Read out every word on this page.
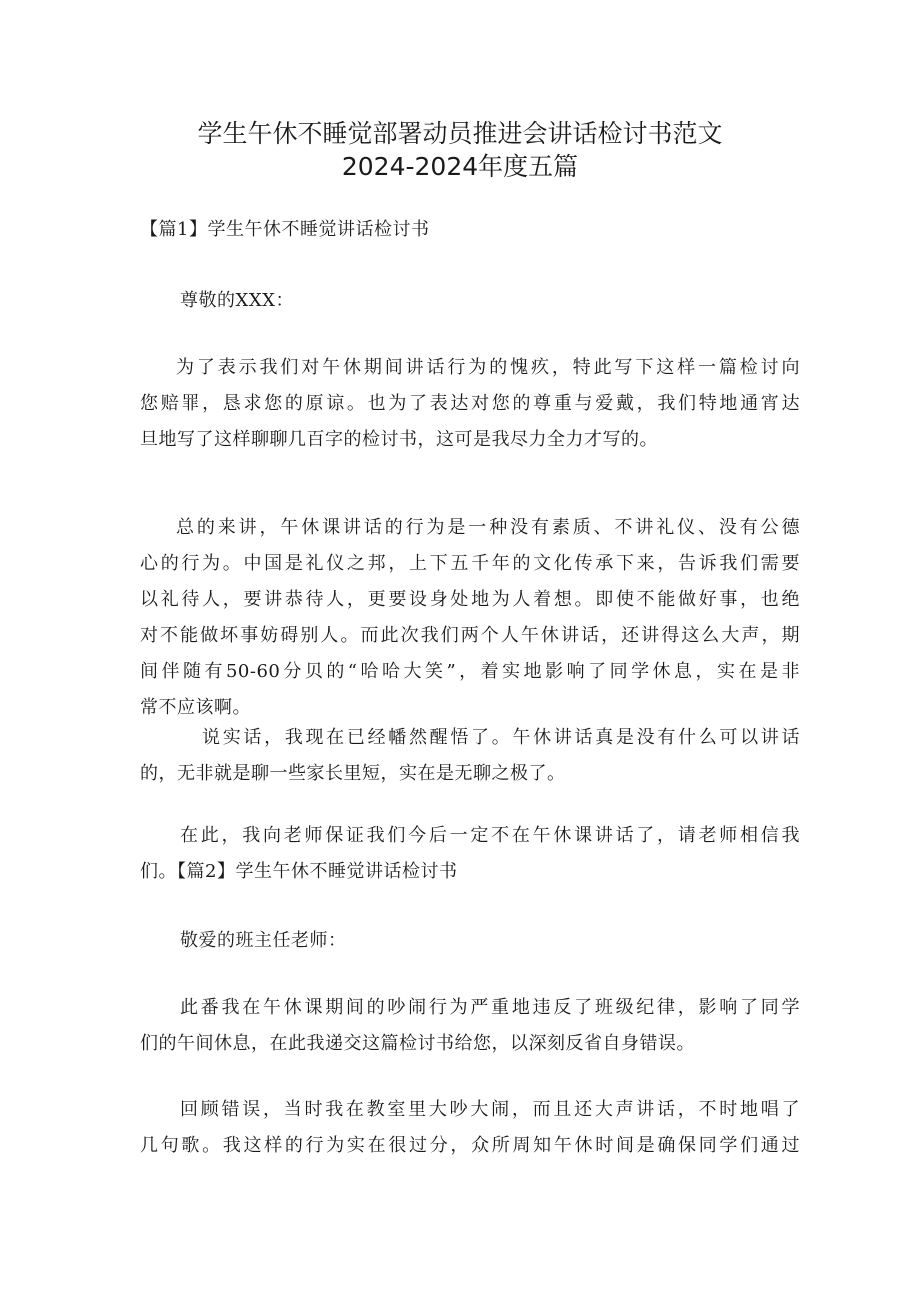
学生午休不睡觉部署动员推进会讲话检讨书范文
2024-2024年度五篇
【篇1】学生午休不睡觉讲话检讨书
尊敬的XXX：
为了表示我们对午休期间讲话行为的愧疚，特此写下这样一篇检讨向
您赔罪，恳求您的原谅。也为了表达对您的尊重与爱戴，我们特地通宵达
旦地写了这样聊聊几百字的检讨书，这可是我尽力全力才写的。
总的来讲，午休课讲话的行为是一种没有素质、不讲礼仪、没有公德
心的行为。中国是礼仪之邦，上下五千年的文化传承下来，告诉我们需要
以礼待人，要讲恭待人，更要设身处地为人着想。即使不能做好事，也绝
对不能做坏事妨碍别人。而此次我们两个人午休讲话，还讲得这么大声，期
间伴随有50-60分贝的“哈哈大笑”，着实地影响了同学休息，实在是非
常不应该啊。
说实话，我现在已经幡然醒悟了。午休讲话真是没有什么可以讲话
的，无非就是聊一些家长里短，实在是无聊之极了。
在此，我向老师保证我们今后一定不在午休课讲话了，请老师相信我
们。【篇2】学生午休不睡觉讲话检讨书
敬爱的班主任老师：
此番我在午休课期间的吵闹行为严重地违反了班级纪律，影响了同学
们的午间休息，在此我递交这篇检讨书给您，以深刻反省自身错误。
回顾错误，当时我在教室里大吵大闹，而且还大声讲话，不时地唱了
几句歌。我这样的行为实在很过分，众所周知午休时间是确保同学们通过
